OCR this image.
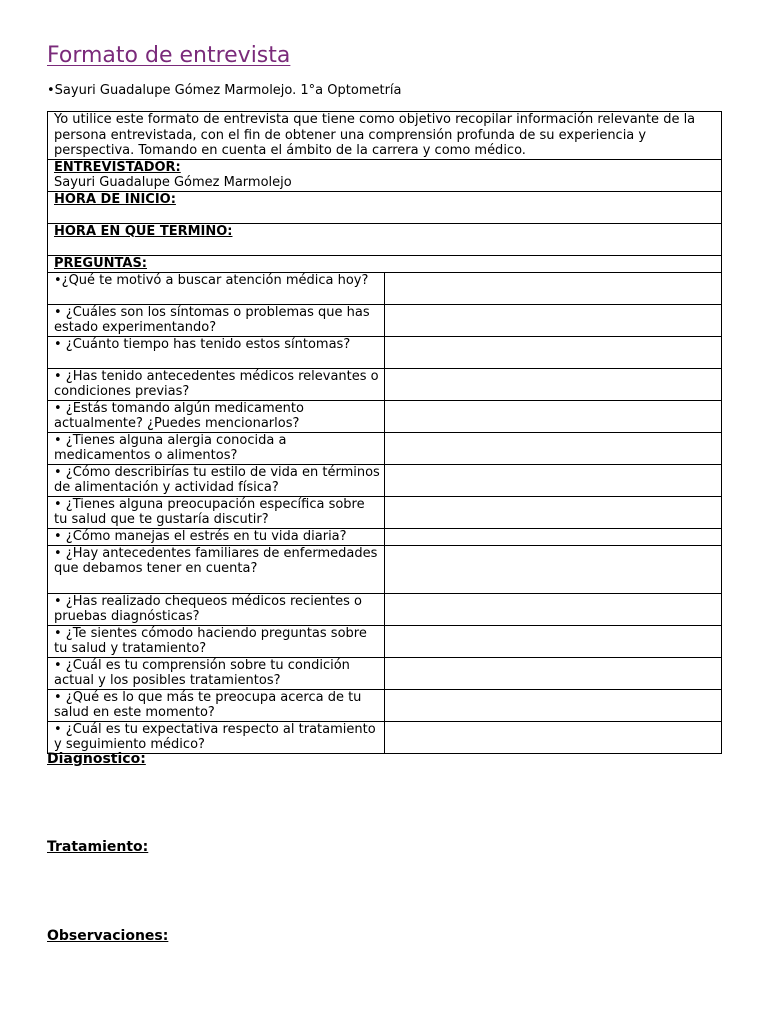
Formato de entrevista
•Sayuri Guadalupe Gómez Marmolejo. 1°a Optometría
Yo utilice este formato de entrevista que tiene como objetivo recopilar información relevante de la persona entrevistada, con el fin de obtener una comprensión profunda de su experiencia y perspectiva. Tomando en cuenta el ámbito de la carrera y como médico.	

ENTREVISTADOR:
Sayuri Guadalupe Gómez Marmolejo	

HORA DE INICIO:	

HORA EN QUE TERMINO:	

PREGUNTAS:	

•¿Qué te motivó a buscar atención médica hoy?	
• ¿Cuáles son los síntomas o problemas que has estado experimentando?	
• ¿Cuánto tiempo has tenido estos síntomas?	
• ¿Has tenido antecedentes médicos relevantes o condiciones previas?	
• ¿Estás tomando algún medicamento actualmente? ¿Puedes mencionarlos?	
• ¿Tienes alguna alergia conocida a medicamentos o alimentos?	
• ¿Cómo describirías tu estilo de vida en términos de alimentación y actividad física?	
• ¿Tienes alguna preocupación específica sobre tu salud que te gustaría discutir?	
• ¿Cómo manejas el estrés en tu vida diaria?	
• ¿Hay antecedentes familiares de enfermedades que debamos tener en cuenta?	
• ¿Has realizado chequeos médicos recientes o pruebas diagnósticas?	
• ¿Te sientes cómodo haciendo preguntas sobre tu salud y tratamiento?	
• ¿Cuál es tu comprensión sobre tu condición actual y los posibles tratamientos?	
• ¿Qué es lo que más te preocupa acerca de tu salud en este momento?	
• ¿Cuál es tu expectativa respecto al tratamiento y seguimiento médico?	
Diagnostico:
Tratamiento:
Observaciones:
